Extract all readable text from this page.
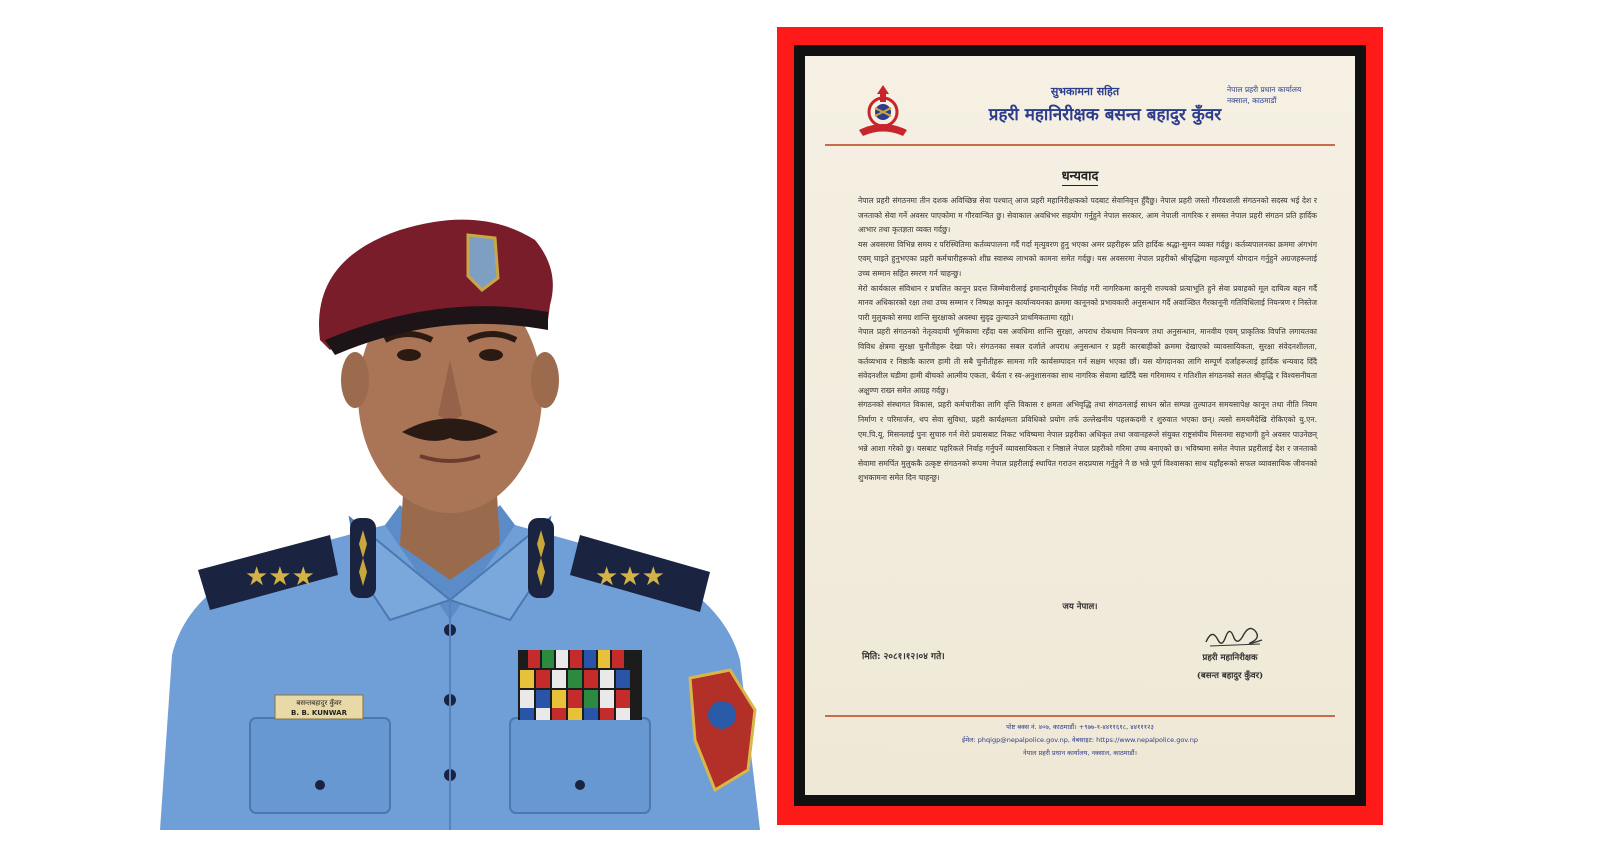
★★★	★★★
बसन्तबहादुर कुँवर
B. B. KUNWAR
सुभकामना सहित
प्रहरी महानिरीक्षक बसन्त बहादुर कुँवर
नेपाल प्रहरी प्रधान कार्यालय
नक्साल, काठमाडौं
धन्यवाद

नेपाल प्रहरी संगठनमा तीन दशक अविच्छिन्न सेवा पश्चात् आज प्रहरी महानिरीक्षकको पदबाट सेवानिवृत्त हुँदैछु। नेपाल प्रहरी जस्तो गौरवशाली संगठनको सदस्य भई देश र जनताको सेवा गर्ने अवसर पाएकोमा म गौरवान्वित छु। सेवाकाल अवधिभर सहयोग गर्नुहुने नेपाल सरकार, आम नेपाली नागरिक र समस्त नेपाल प्रहरी संगठन प्रति हार्दिक आभार तथा कृतज्ञता व्यक्त गर्दछु।

यस अवसरमा विभिन्न समय र परिस्थितिमा कर्तव्यपालना गर्दै गर्दा मृत्युवरण हुनु भएका अमर प्रहरीहरू प्रति हार्दिक श्रद्धा-सुमन व्यक्त गर्दछु। कर्तव्यपालनका क्रममा अंगभंग एवम् घाइते हुनुभएका प्रहरी कर्मचारीहरूको शीघ्र स्वास्थ्य लाभको कामना समेत गर्दछु। यस अवसरमा नेपाल प्रहरीको श्रीवृद्धिमा महत्वपूर्ण योगदान गर्नुहुने अग्रजहरूलाई उच्च सम्मान सहित स्मरण गर्न चाहन्छु।

मेरो कार्यकाल संविधान र प्रचलित कानून प्रदत्त जिम्मेवारीलाई इमान्दारीपूर्वक निर्वाह गरी नागरिकमा कानूनी राज्यको प्रत्याभूति हुने सेवा प्रवाहको मूल दायित्व बहन गर्दै मानव अधिकारको रक्षा तथा उच्च सम्मान र निष्पक्ष कानून कार्यान्वयनका क्रममा कानूनको प्रभावकारी अनुसन्धान गर्दै अवाञ्छित गैरकानूनी गतिविधिलाई नियन्त्रण र निस्तेज पारी मुलुकको समग्र शान्ति सुरक्षाको अवस्था सुदृढ तुल्याउने प्राथमिकतामा रह्यो।

नेपाल प्रहरी संगठनको नेतृत्वदायी भूमिकामा रहँदा यस अवधिमा शान्ति सुरक्षा, अपराध रोकथाम नियन्त्रण तथा अनुसन्धान, मानवीय एवम् प्राकृतिक विपत्ति लगायतका विविध क्षेत्रमा सुरक्षा चुनौतीहरू देखा परे। संगठनका सबल दर्जाले अपराध अनुसन्धान र प्रहरी कारबाहीको क्रममा देखाएको व्यावसायिकता, सुरक्षा संवेदनशीलता, कर्तव्यभाव र निष्ठाकै कारण हामी ती सबै चुनौतीहरू सामना गरि कार्यसम्पादन गर्न सक्षम भएका छौं। यस योगदानका लागि सम्पूर्ण दर्जाहरूलाई हार्दिक धन्यवाद दिँदै संवेदनशील घडीमा हामी बीचको आत्मीय एकता, धैर्यता र स्व-अनुशासनका साथ नागरिक सेवामा खटिँदै यस गरिमामय र गतिशील संगठनको सतत श्रीवृद्धि र विश्वसनीयता अक्षुण्ण राख्न समेत आग्रह गर्दछु।

संगठनको संस्थागत विकास, प्रहरी कर्मचारीका लागि वृत्ति विकास र क्षमता अभिवृद्धि तथा संगठनलाई साधन स्रोत सम्पन्न तुल्याउन समयसापेक्ष कानून तथा नीति नियम निर्माण र परिमार्जन, थप सेवा सुविधा, प्रहरी कार्यक्षमता प्रविधिको प्रयोग तर्फ उल्लेखनीय पहलकदमी र शुरुवात भएका छन्। त्यसो समयमैदेखि रोकिएको यु.एन. एम.पि.यू. मिसनलाई पुनः सुचारु गर्न मेरो प्रयासबाट निकट भविष्यमा नेपाल प्रहरीका अधिकृत तथा जवानहरूले संयुक्त राष्ट्रसंघीय मिसनमा सहभागी हुने अवसर पाउनेछन् भन्ने आशा गरेको छु। यसबाट पहरिकले निर्वाह गर्नुपर्ने व्यावसायिकता र निष्ठाले नेपाल प्रहरीको गरिमा उच्च बनाएको छ। भविष्यमा समेत नेपाल प्रहरीलाई देश र जनताको सेवामा समर्पित मुलुककै उत्कृष्ट संगठनको रूपमा नेपाल प्रहरीलाई स्थापित गराउन सदप्रयास गर्नुहुने नै छ भन्ने पूर्ण विश्वासका साथ यहाँहरूको सफल व्यावसायिक जीवनको शुभकामना समेत दिन चाहन्छु।

जय नेपाल।
मिति: २०८१।१२।०४ गते।	प्रहरी महानिरीक्षक
(बसन्त बहादुर कुँवर)
पोष्ट बक्स नं. ४०७, काठमाडौं। +९७७-१-४४११६१८, ४४१११२३
ईमेल: phqigp@nepalpolice.gov.np, वेबसाइट: https://www.nepalpolice.gov.np
नेपाल प्रहरी प्रधान कार्यालय, नक्साल, काठमाडौं।
